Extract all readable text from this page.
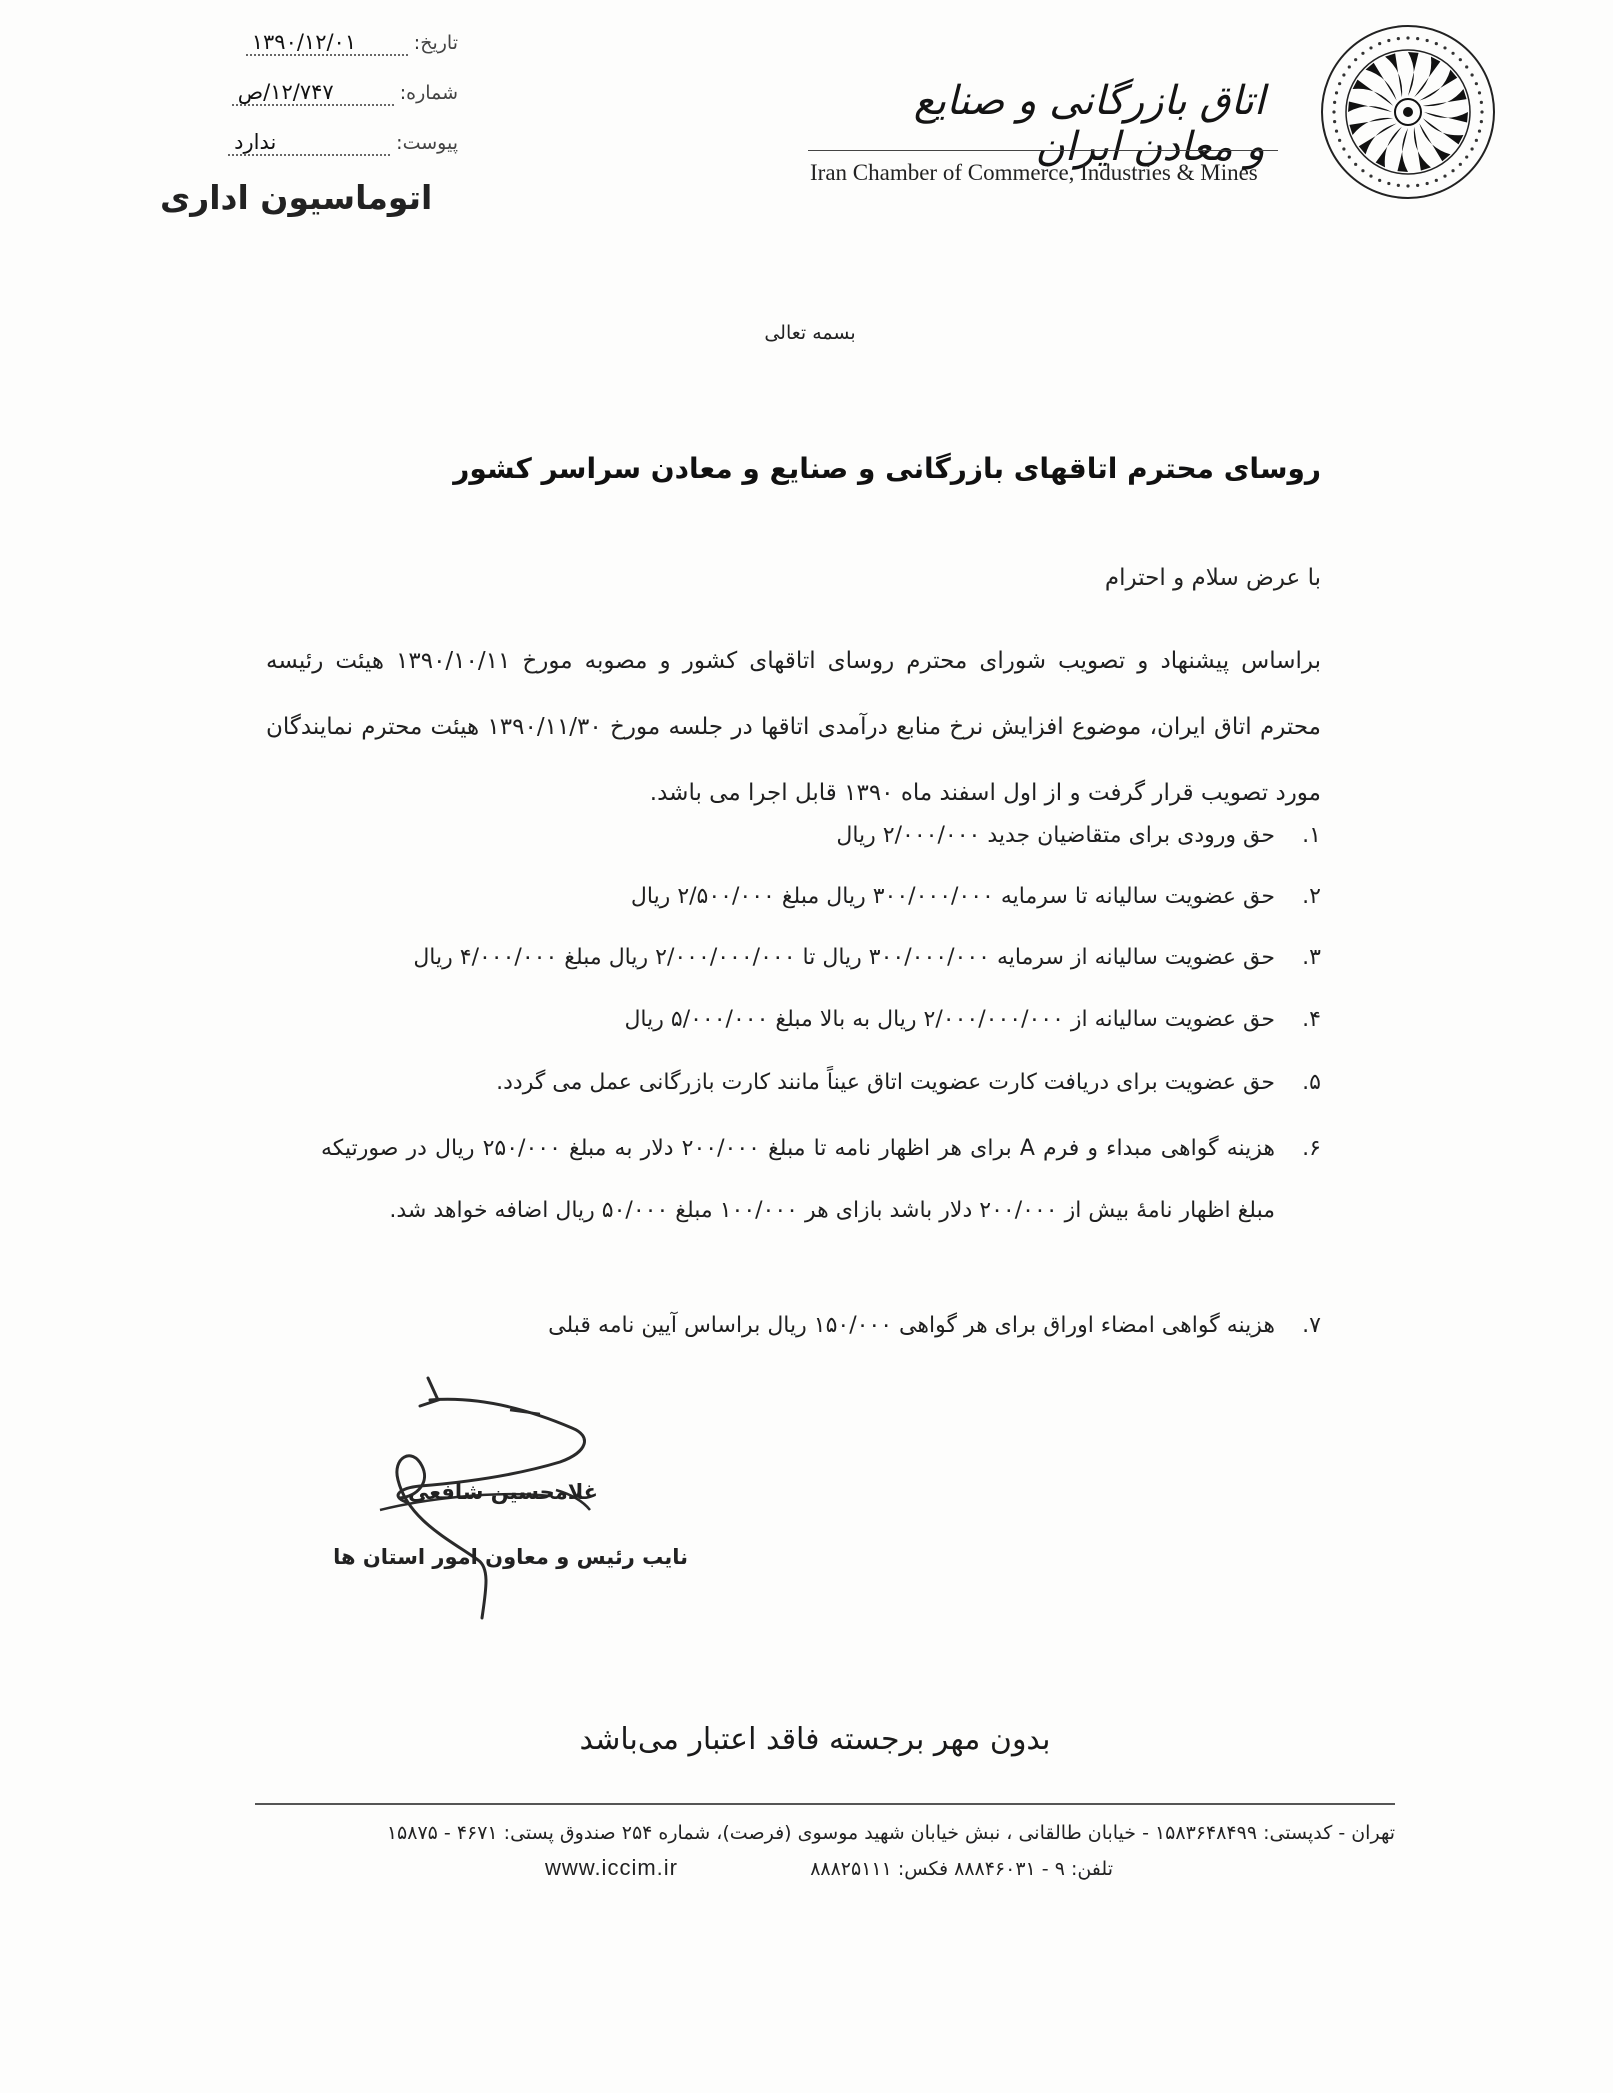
تاریخ: ۱۳۹۰/۱۲/۰۱
شماره: ۱۲/۷۴۷/ص
پیوست: ندارد
اتوماسیون اداری
اتاق بازرگانی و صنایع و معادن ایران
Iran Chamber of Commerce, Industries & Mines
بسمه تعالی
روسای محترم اتاقهای بازرگانی و صنایع و معادن سراسر کشور
با عرض سلام و احترام
براساس پیشنهاد و تصویب شورای محترم روسای اتاقهای کشور و مصوبه مورخ ۱۳۹۰/۱۰/۱۱ هیئت رئیسه محترم اتاق ایران، موضوع افزایش نرخ منابع درآمدی اتاقها در جلسه مورخ ۱۳۹۰/۱۱/۳۰ هیئت محترم نمایندگان مورد تصویب قرار گرفت و از اول اسفند ماه ۱۳۹۰ قابل اجرا می باشد.
۱.حق ورودی برای متقاضیان جدید ۲/۰۰۰/۰۰۰ ریال
۲.حق عضویت سالیانه تا سرمایه ۳۰۰/۰۰۰/۰۰۰ ریال مبلغ ۲/۵۰۰/۰۰۰ ریال
۳.حق عضویت سالیانه از سرمایه ۳۰۰/۰۰۰/۰۰۰ ریال تا ۲/۰۰۰/۰۰۰/۰۰۰ ریال مبلغ ۴/۰۰۰/۰۰۰ ریال
۴.حق عضویت سالیانه از ۲/۰۰۰/۰۰۰/۰۰۰ ریال به بالا مبلغ ۵/۰۰۰/۰۰۰ ریال
۵.حق عضویت برای دریافت کارت عضویت اتاق عیناً مانند کارت بازرگانی عمل می گردد.
۶.
هزینه گواهی مبداء و فرم A برای هر اظهار نامه تا مبلغ ۲۰۰/۰۰۰ دلار به مبلغ ۲۵۰/۰۰۰ ریال در صورتیکه مبلغ اظهار نامهٔ بیش از ۲۰۰/۰۰۰ دلار باشد بازای هر ۱۰۰/۰۰۰ مبلغ ۵۰/۰۰۰ ریال اضافه خواهد شد.
۷.هزینه گواهی امضاء اوراق برای هر گواهی ۱۵۰/۰۰۰ ریال براساس آیین نامه قبلی
غلامحسین شافعی
نایب رئیس و معاون امور استان ها
بدون مهر برجسته فاقد اعتبار می‌باشد
تهران - کدپستی: ۱۵۸۳۶۴۸۴۹۹ - خیابان طالقانی ، نبش خیابان شهید موسوی (فرصت)، شماره ۲۵۴ صندوق پستی: ۴۶۷۱ - ۱۵۸۷۵
تلفن: ۹ - ۸۸۸۴۶۰۳۱ فکس: ۸۸۸۲۵۱۱۱
www.iccim.ir
